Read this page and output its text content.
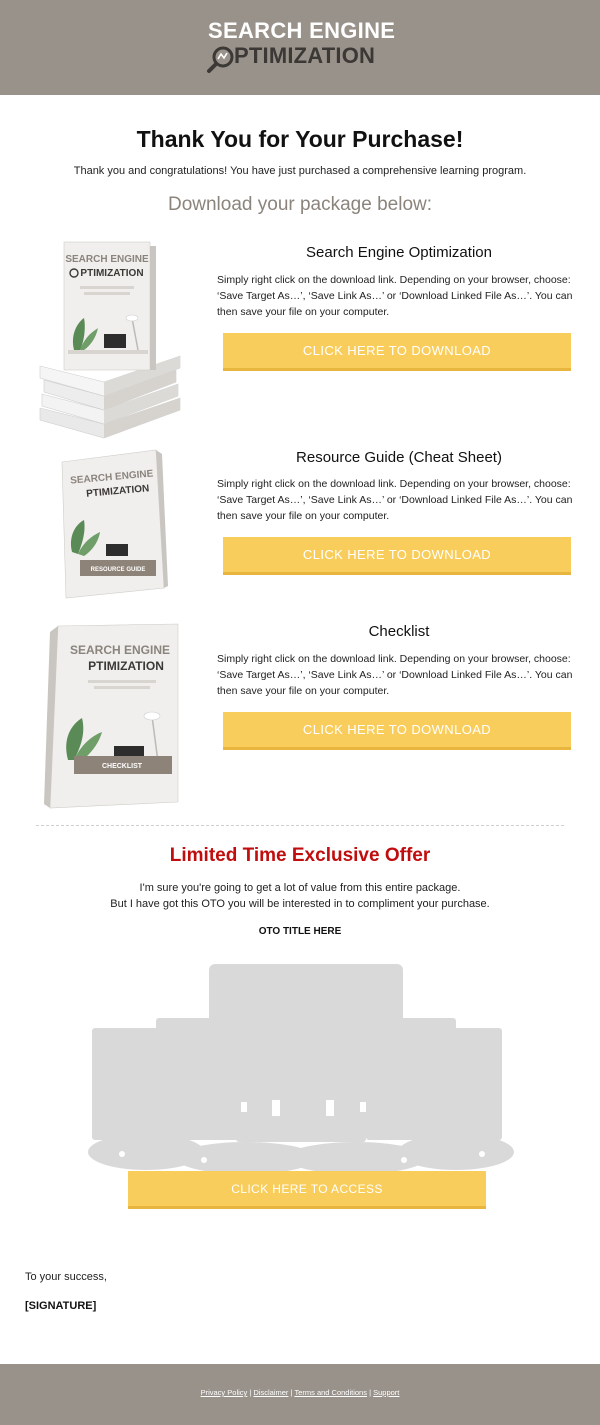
SEARCH ENGINE
PTIMIZATION
Thank You for Your Purchase!
Thank you and congratulations! You have just purchased a comprehensive learning program.
Download your package below:
SEARCH ENGINE
PTIMIZATION
Search Engine Optimization
Simply right click on the download link. Depending on your browser, choose: ‘Save Target As…’, ‘Save Link As…’ or ‘Download Linked File As…’. You can then save your file on your computer.
CLICK HERE TO DOWNLOAD
SEARCH ENGINE
PTIMIZATION
RESOURCE GUIDE
Resource Guide (Cheat Sheet)
Simply right click on the download link. Depending on your browser, choose: ‘Save Target As…’, ‘Save Link As…’ or ‘Download Linked File As…’. You can then save your file on your computer.
CLICK HERE TO DOWNLOAD
SEARCH ENGINE
PTIMIZATION
CHECKLIST
Checklist
Simply right click on the download link. Depending on your browser, choose: ‘Save Target As…’, ‘Save Link As…’ or ‘Download Linked File As…’. You can then save your file on your computer.
CLICK HERE TO DOWNLOAD
Limited Time Exclusive Offer
I'm sure you're going to get a lot of value from this entire package.
But I have got this OTO you will be interested in to compliment your purchase.
OTO TITLE HERE
CLICK HERE TO ACCESS
To your success,
[SIGNATURE]
Privacy Policy | Disclaimer | Terms and Conditions | Support
